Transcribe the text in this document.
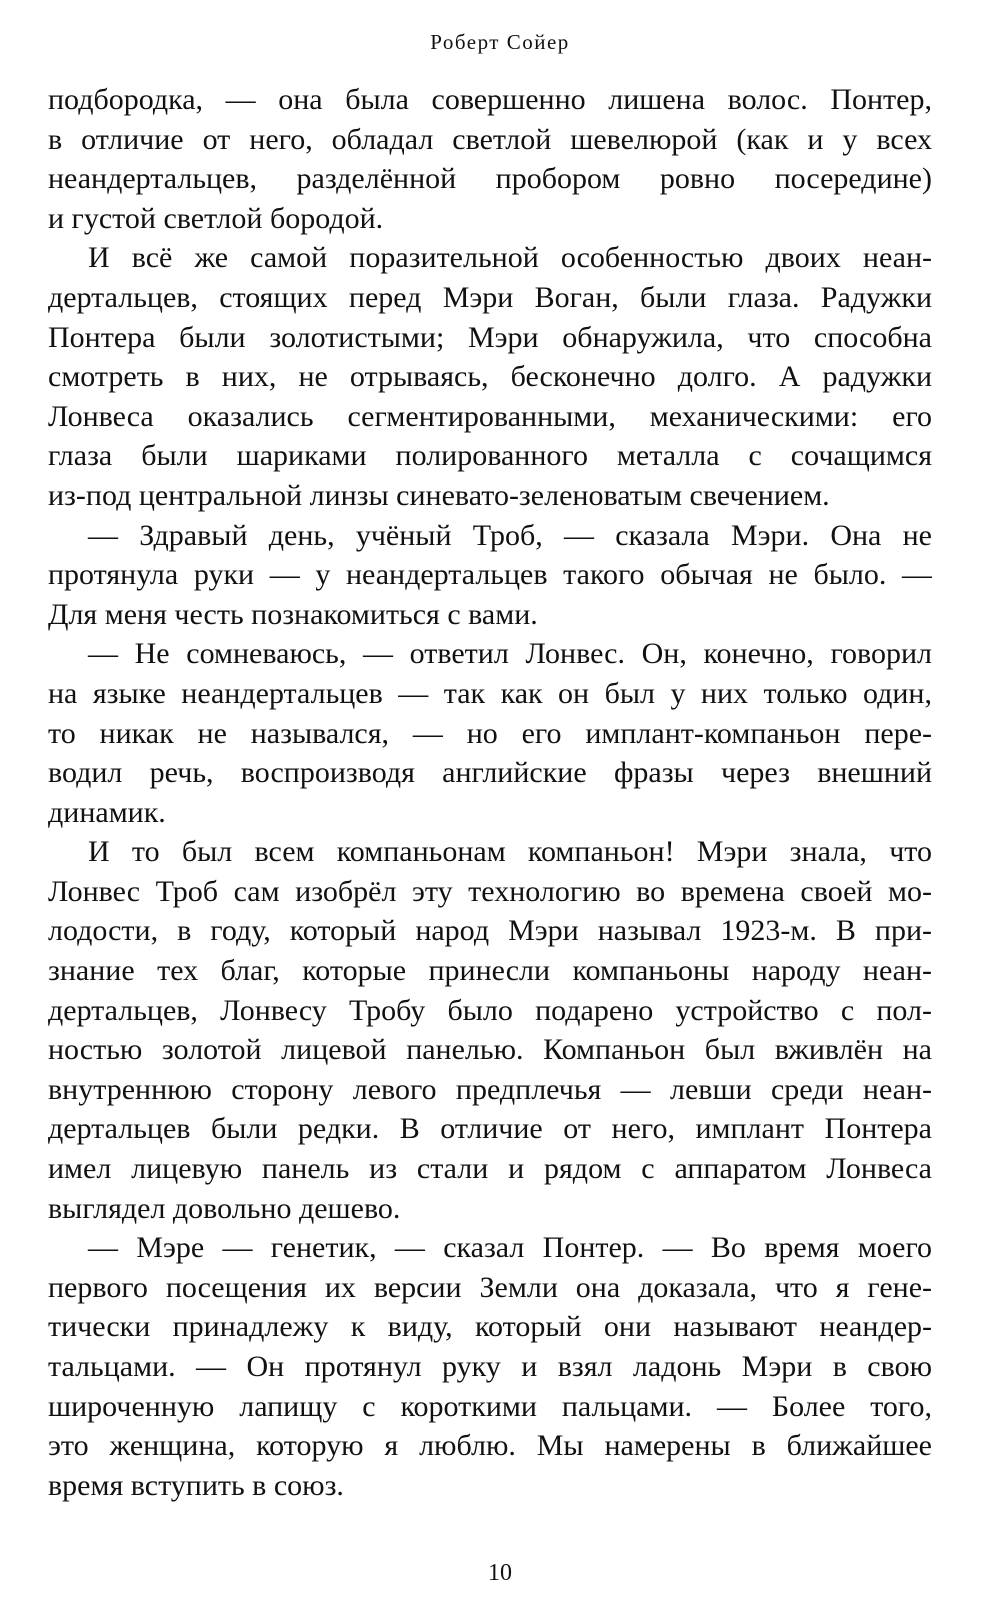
Роберт Сойер
подбородка, — она была совершенно лишена волос. Понтер,
в отличие от него, обладал светлой шевелюрой (как и у всех
неандертальцев, разделённой пробором ровно посередине)
и густой светлой бородой.
И всё же самой поразительной особенностью двоих неан-
дертальцев, стоящих перед Мэри Воган, были глаза. Радужки
Понтера были золотистыми; Мэри обнаружила, что способна
смотреть в них, не отрываясь, бесконечно долго. А радужки
Лонвеса оказались сегментированными, механическими: его
глаза были шариками полированного металла с сочащимся
из-под центральной линзы синевато-зеленоватым свечением.
— Здравый день, учёный Троб, — сказала Мэри. Она не
протянула руки — у неандертальцев такого обычая не было. —
Для меня честь познакомиться с вами.
— Не сомневаюсь, — ответил Лонвес. Он, конечно, говорил
на языке неандертальцев — так как он был у них только один,
то никак не назывался, — но его имплант-компаньон пере-
водил речь, воспроизводя английские фразы через внешний
динамик.
И то был всем компаньонам компаньон! Мэри знала, что
Лонвес Троб сам изобрёл эту технологию во времена своей мо-
лодости, в году, который народ Мэри называл 1923-м. В при-
знание тех благ, которые принесли компаньоны народу неан-
дертальцев, Лонвесу Тробу было подарено устройство с пол-
ностью золотой лицевой панелью. Компаньон был вживлён на
внутреннюю сторону левого предплечья — левши среди неан-
дертальцев были редки. В отличие от него, имплант Понтера
имел лицевую панель из стали и рядом с аппаратом Лонвеса
выглядел довольно дешево.
— Мэре — генетик, — сказал Понтер. — Во время моего
первого посещения их версии Земли она доказала, что я гене-
тически принадлежу к виду, который они называют неандер-
тальцами. — Он протянул руку и взял ладонь Мэри в свою
широченную лапищу с короткими пальцами. — Более того,
это женщина, которую я люблю. Мы намерены в ближайшее
время вступить в союз.
10
